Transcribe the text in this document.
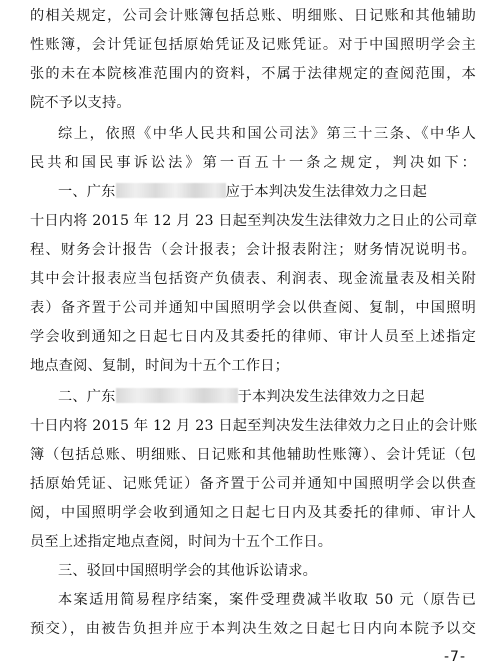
的相关规定，公司会计账簿包括总账、明细账、日记账和其他辅助
性账簿，会计凭证包括原始凭证及记账凭证。对于中国照明学会主
张的未在本院核准范围内的资料，不属于法律规定的查阅范围，本
院不予以支持。
综上，依照《中华人民共和国公司法》第三十三条、《中华人
民共和国民事诉讼法》第一百五十一条之规定，判决如下：
一、广东	应于本判决发生法律效力之日起
十日内将 2015 年 12 月 23 日起至判决发生法律效力之日止的公司章
程、财务会计报告（会计报表；会计报表附注；财务情况说明书。
其中会计报表应当包括资产负债表、利润表、现金流量表及相关附
表）备齐置于公司并通知中国照明学会以供查阅、复制，中国照明
学会收到通知之日起七日内及其委托的律师、审计人员至上述指定
地点查阅、复制，时间为十五个工作日；
二、广东	于本判决发生法律效力之日起
十日内将 2015 年 12 月 23 日起至判决发生法律效力之日止的会计账
簿（包括总账、明细账、日记账和其他辅助性账簿）、会计凭证（包
括原始凭证、记账凭证）备齐置于公司并通知中国照明学会以供查
阅，中国照明学会收到通知之日起七日内及其委托的律师、审计人
员至上述指定地点查阅，时间为十五个工作日。
三、驳回中国照明学会的其他诉讼请求。
本案适用简易程序结案，案件受理费减半收取 50 元（原告已
预交），由被告负担并应于本判决生效之日起七日内向本院予以交
-7-
